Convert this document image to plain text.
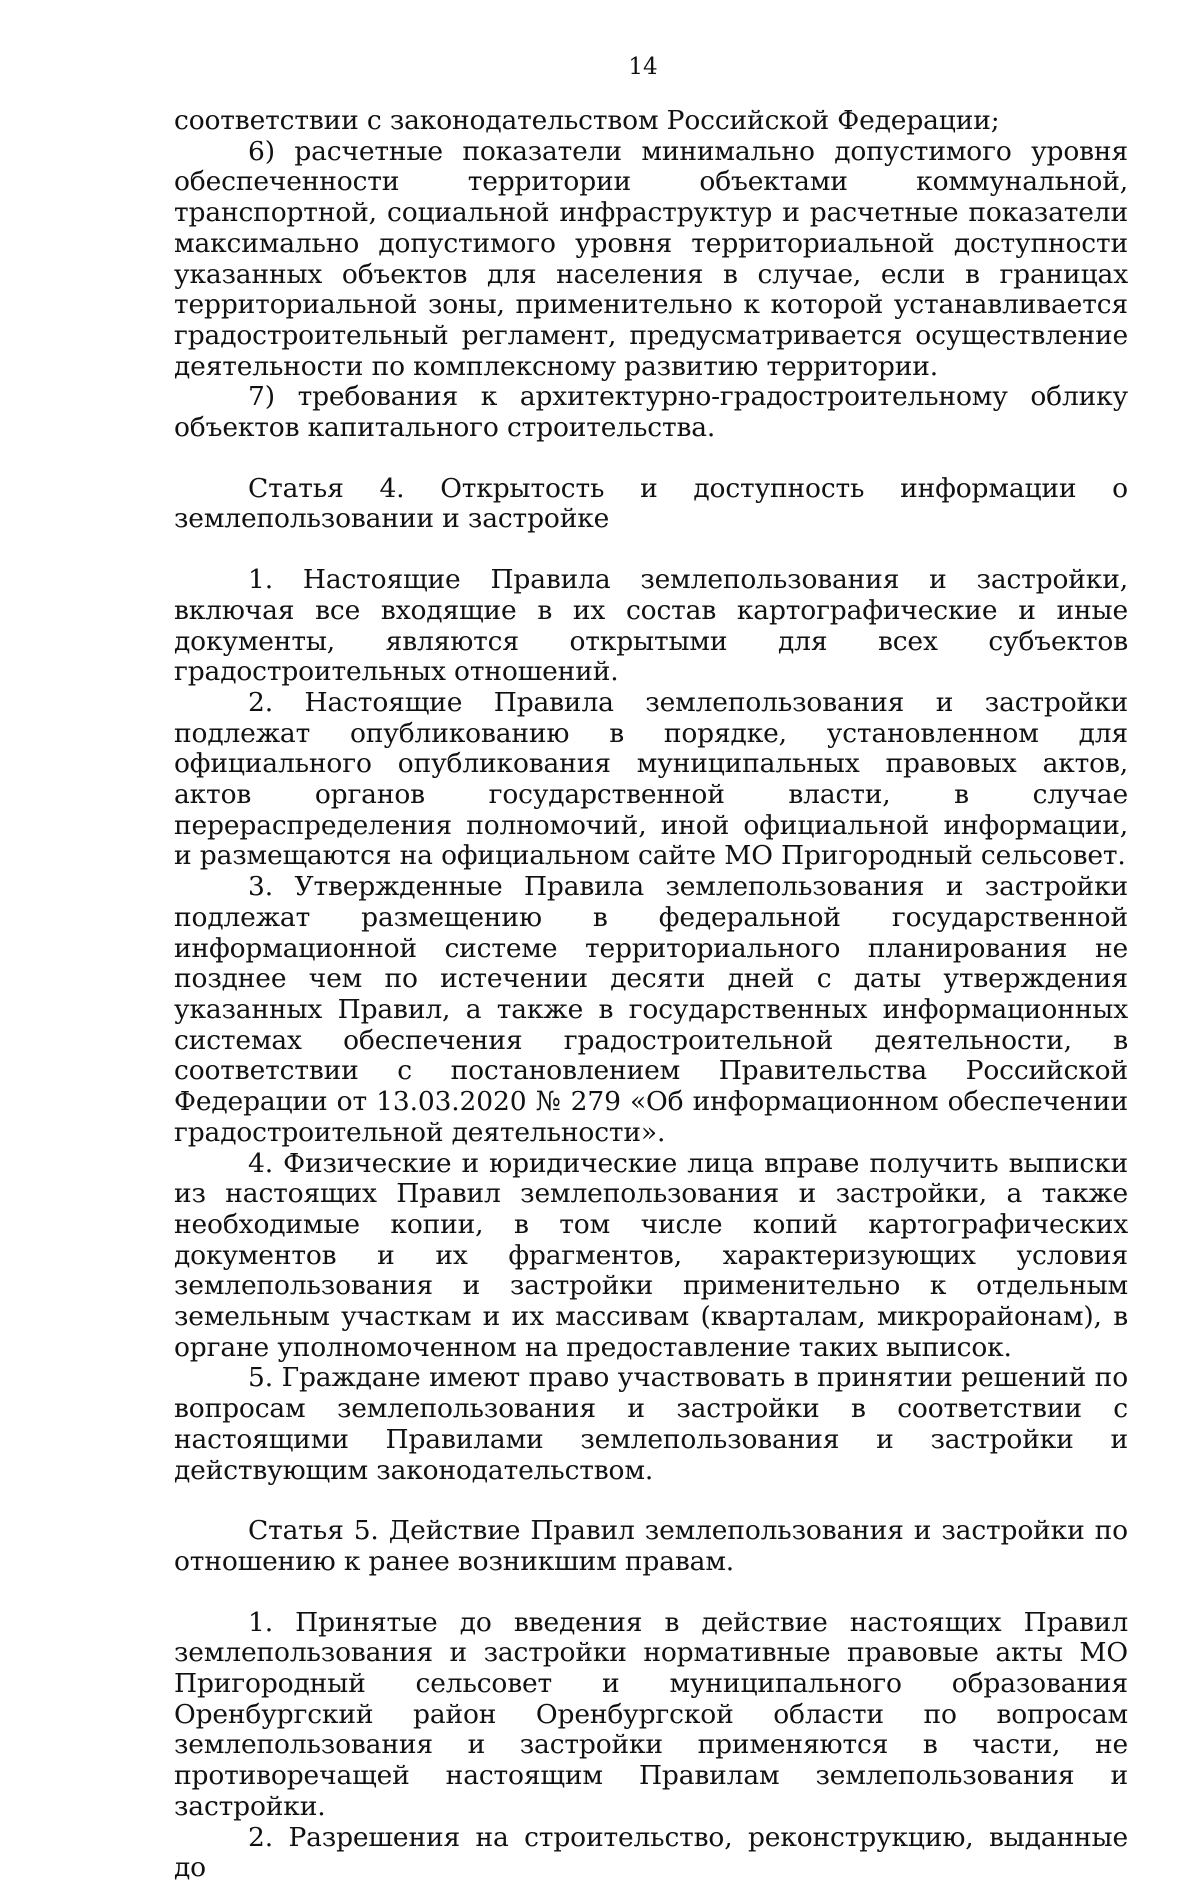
14

соответствии с законодательством Российской Федерации;

6) расчетные показатели минимально допустимого уровня обеспеченности территории объектами коммунальной, транспортной, социальной инфраструктур и расчетные показатели максимально допустимого уровня территориальной доступности указанных объектов для населения в случае, если в границах территориальной зоны, применительно к которой устанавливается градостроительный регламент, предусматривается осуществление деятельности по комплексному развитию территории.

7) требования к архитектурно-градостроительному облику объектов капитального строительства.

Статья 4. Открытость и доступность информации о землепользовании и застройке

1. Настоящие Правила землепользования и застройки, включая все входящие в их состав картографические и иные документы, являются открытыми для всех субъектов градостроительных отношений.

2. Настоящие Правила землепользования и застройки подлежат опубликованию в порядке, установленном для официального опубликования муниципальных правовых актов, актов органов государственной власти, в случае перераспределения полномочий, иной официальной информации, и размещаются на официальном сайте МО Пригородный сельсовет.

3. Утвержденные Правила землепользования и застройки подлежат размещению в федеральной государственной информационной системе территориального планирования не позднее чем по истечении десяти дней с даты утверждения указанных Правил, а также в государственных информационных системах обеспечения градостроительной деятельности, в соответствии с постановлением Правительства Российской Федерации от 13.03.2020 № 279 «Об информационном обеспечении градостроительной деятельности».

4. Физические и юридические лица вправе получить выписки из настоящих Правил землепользования и застройки, а также необходимые копии, в том числе копий картографических документов и их фрагментов, характеризующих условия землепользования и застройки применительно к отдельным земельным участкам и их массивам (кварталам, микрорайонам), в органе уполномоченном на предоставление таких выписок.

5. Граждане имеют право участвовать в принятии решений по вопросам землепользования и застройки в соответствии с настоящими Правилами землепользования и застройки и действующим законодательством.

Статья 5. Действие Правил землепользования и застройки по отношению к ранее возникшим правам.

1. Принятые до введения в действие настоящих Правил землепользования и застройки нормативные правовые акты МО Пригородный сельсовет и муниципального образования Оренбургский район Оренбургской области по вопросам землепользования и застройки применяются в части, не противоречащей настоящим Правилам землепользования и застройки.

2. Разрешения на строительство, реконструкцию, выданные до
